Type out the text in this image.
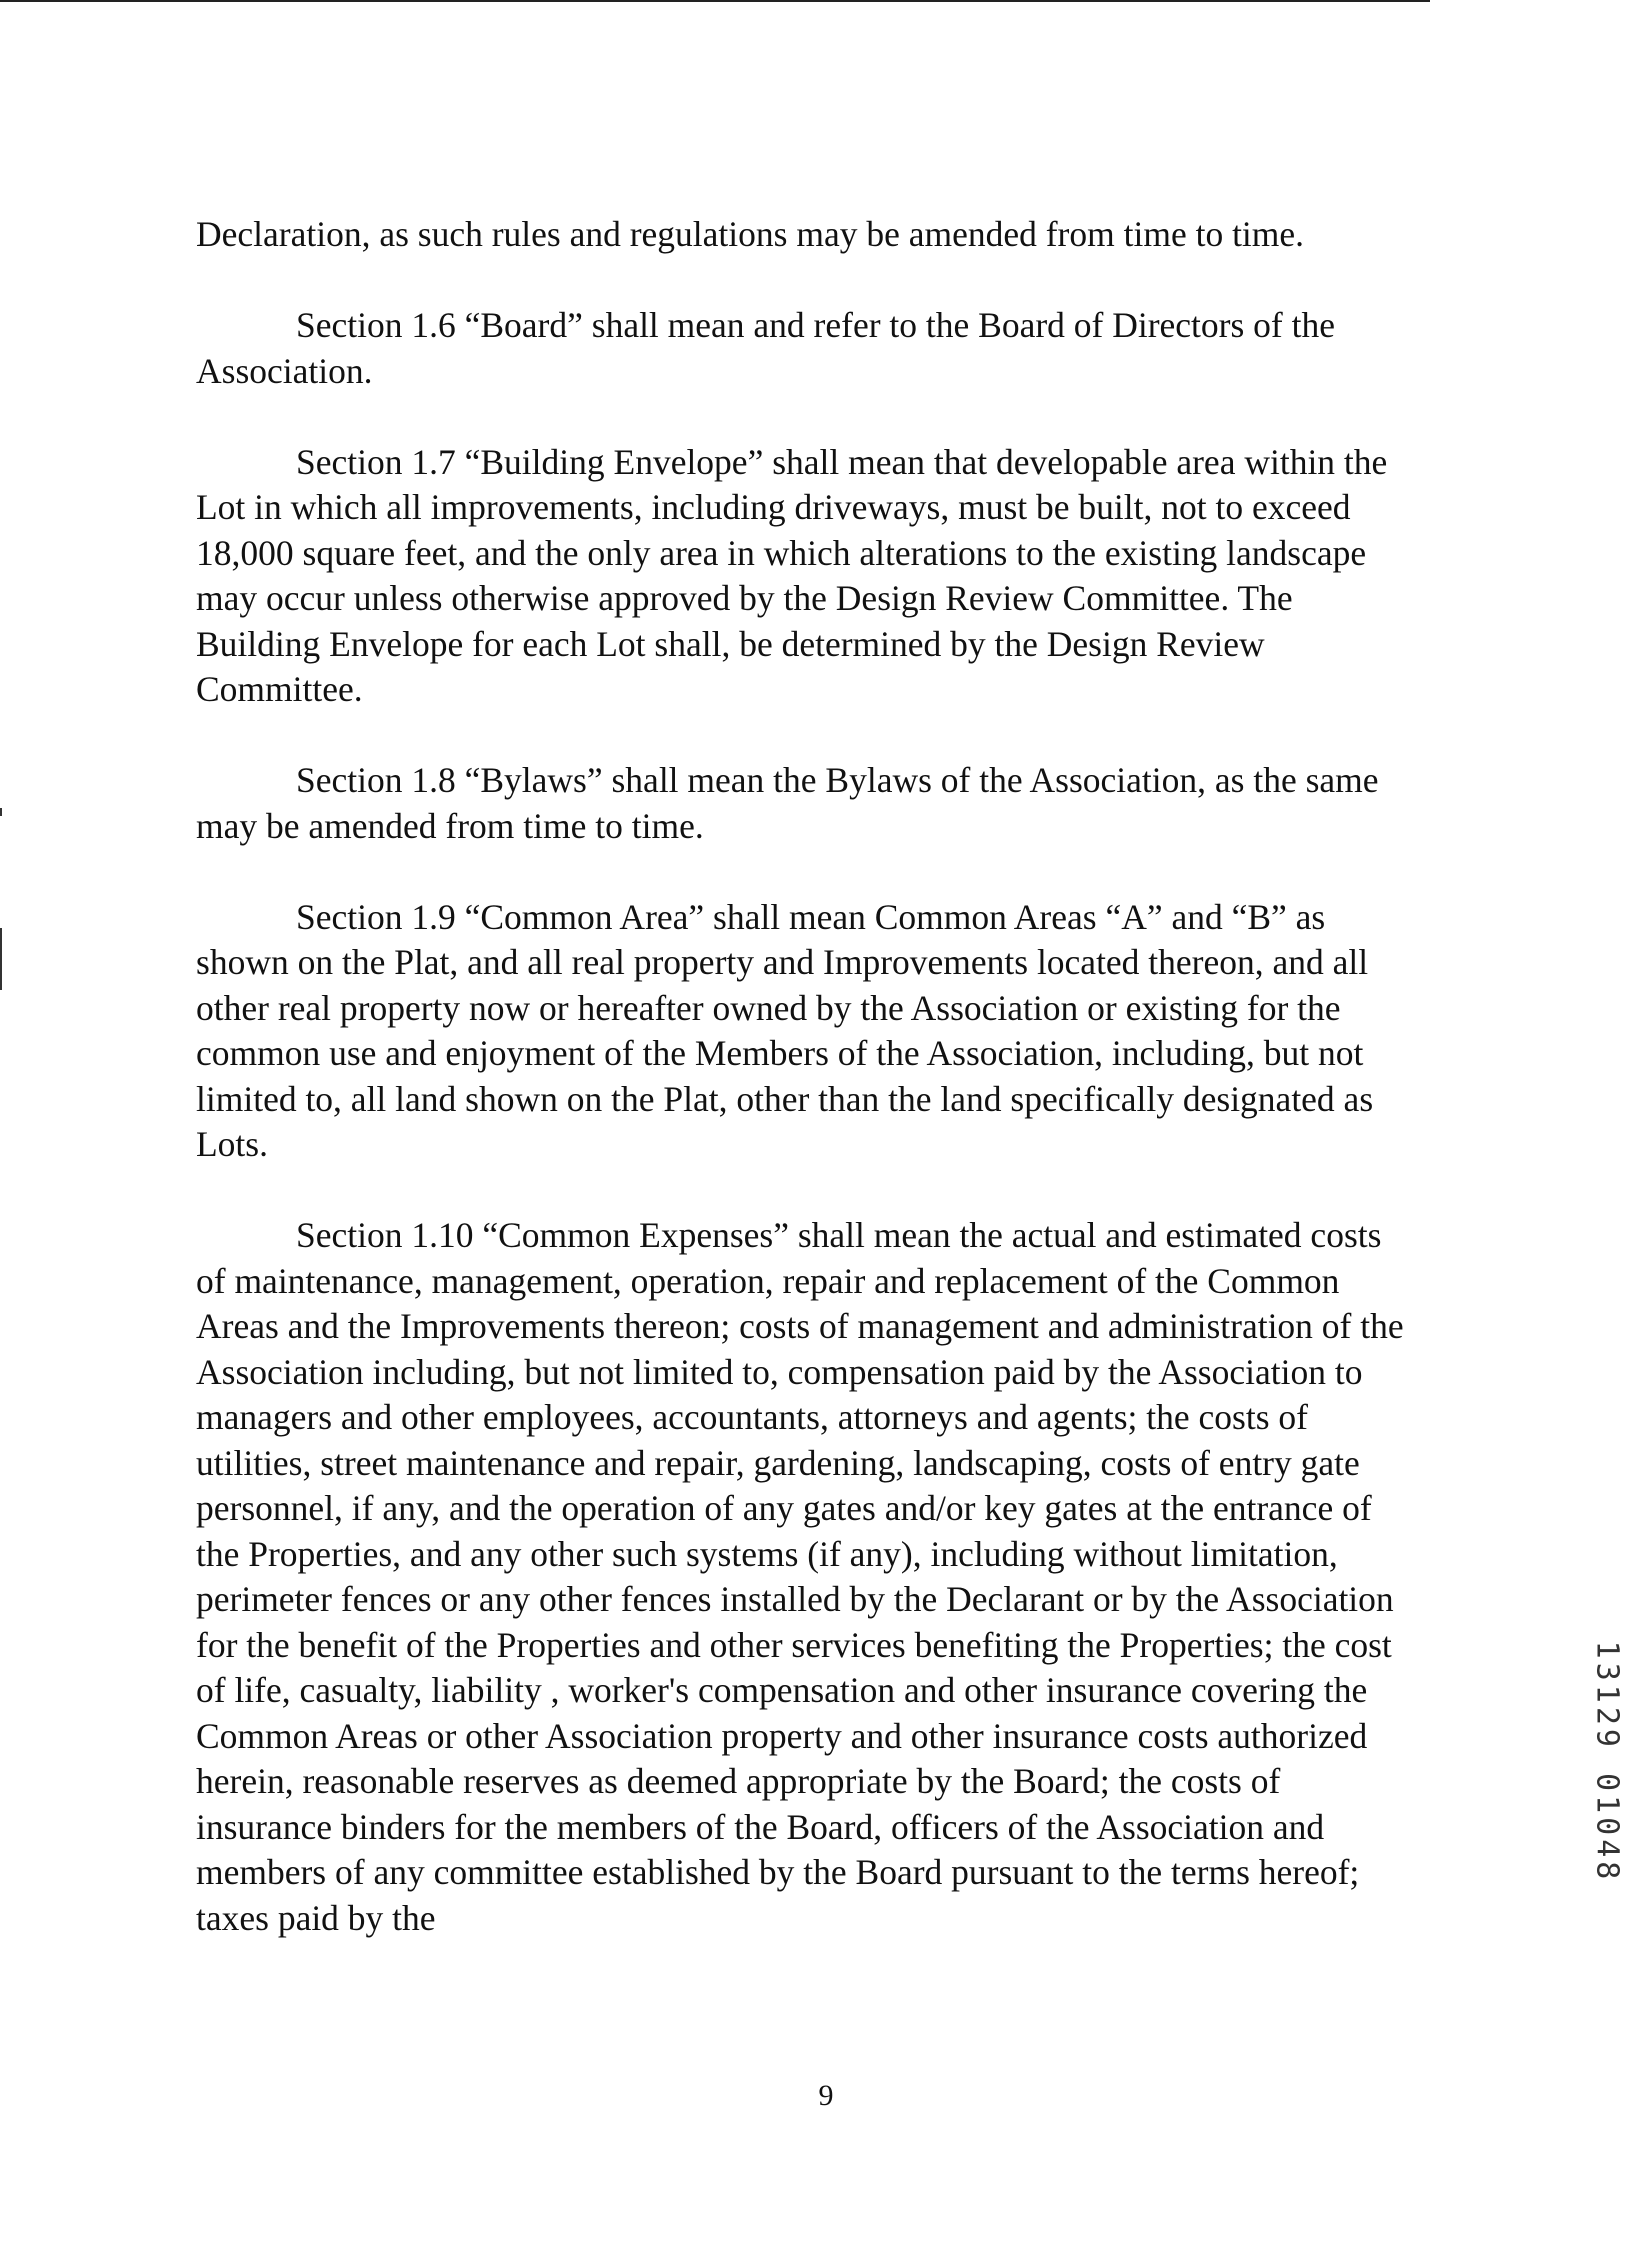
Declaration, as such rules and regulations may be amended from time to time.

Section 1.6 “Board” shall mean and refer to the Board of Directors of the Association.

Section 1.7 “Building Envelope” shall mean that developable area within the Lot in which all improvements, including driveways, must be built, not to exceed 18,000 square feet, and the only area in which alterations to the existing landscape may occur unless otherwise approved by the Design Review Committee. The Building Envelope for each Lot shall, be determined by the Design Review Committee.

Section 1.8 “Bylaws” shall mean the Bylaws of the Association, as the same may be amended from time to time.

Section 1.9 “Common Area” shall mean Common Areas “A” and “B” as shown on the Plat, and all real property and Improvements located thereon, and all other real property now or hereafter owned by the Association or existing for the common use and enjoyment of the Members of the Association, including, but not limited to, all land shown on the Plat, other than the land specifically designated as Lots.

Section 1.10 “Common Expenses” shall mean the actual and estimated costs of maintenance, management, operation, repair and replacement of the Common Areas and the Improvements thereon; costs of management and administration of the Association including, but not limited to, compensation paid by the Association to managers and other employees, accountants, attorneys and agents; the costs of utilities, street maintenance and repair, gardening, landscaping, costs of entry gate personnel, if any, and the operation of any gates and/or key gates at the entrance of the Properties, and any other such systems (if any), including without limitation, perimeter fences or any other fences installed by the Declarant or by the Association for the benefit of the Properties and other services benefiting the Properties; the cost of life, casualty, liability , worker's compensation and other insurance covering the Common Areas or other Association property and other insurance costs authorized herein, reasonable reserves as deemed appropriate by the Board; the costs of insurance binders for the members of the Board, officers of the Association and members of any committee established by the Board pursuant to the terms hereof; taxes paid by the

9
13129 01048
